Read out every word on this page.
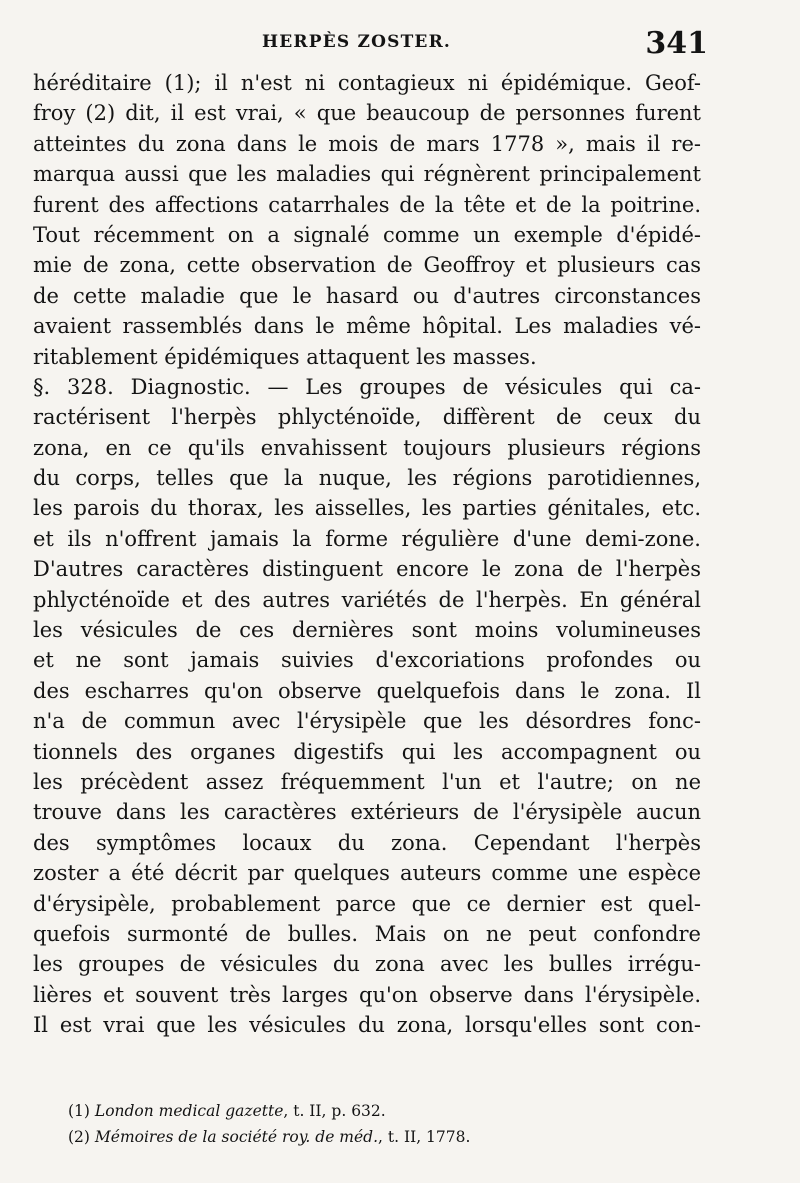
HERPÈS ZOSTER.	341
héréditaire (1); il n'est ni contagieux ni épidémique. Geof-
froy (2) dit, il est vrai, « que beaucoup de personnes furent
atteintes du zona dans le mois de mars 1778 », mais il re-
marqua aussi que les maladies qui régnèrent principalement
furent des affections catarrhales de la tête et de la poitrine.
Tout récemment on a signalé comme un exemple d'épidé-
mie de zona, cette observation de Geoffroy et plusieurs cas
de cette maladie que le hasard ou d'autres circonstances
avaient rassemblés dans le même hôpital. Les maladies vé-
ritablement épidémiques attaquent les masses.
§. 328. Diagnostic. — Les groupes de vésicules qui ca-
ractérisent l'herpès phlycténoïde, diffèrent de ceux du
zona, en ce qu'ils envahissent toujours plusieurs régions
du corps, telles que la nuque, les régions parotidiennes,
les parois du thorax, les aisselles, les parties génitales, etc.
et ils n'offrent jamais la forme régulière d'une demi-zone.
D'autres caractères distinguent encore le zona de l'herpès
phlycténoïde et des autres variétés de l'herpès. En général
les vésicules de ces dernières sont moins volumineuses
et ne sont jamais suivies d'excoriations profondes ou
des escharres qu'on observe quelquefois dans le zona. Il
n'a de commun avec l'érysipèle que les désordres fonc-
tionnels des organes digestifs qui les accompagnent ou
les précèdent assez fréquemment l'un et l'autre; on ne
trouve dans les caractères extérieurs de l'érysipèle aucun
des symptômes locaux du zona. Cependant l'herpès
zoster a été décrit par quelques auteurs comme une espèce
d'érysipèle, probablement parce que ce dernier est quel-
quefois surmonté de bulles. Mais on ne peut confondre
les groupes de vésicules du zona avec les bulles irrégu-
lières et souvent très larges qu'on observe dans l'érysipèle.
Il est vrai que les vésicules du zona, lorsqu'elles sont con-
(1) London medical gazette, t. II, p. 632.
(2) Mémoires de la société roy. de méd., t. II, 1778.
